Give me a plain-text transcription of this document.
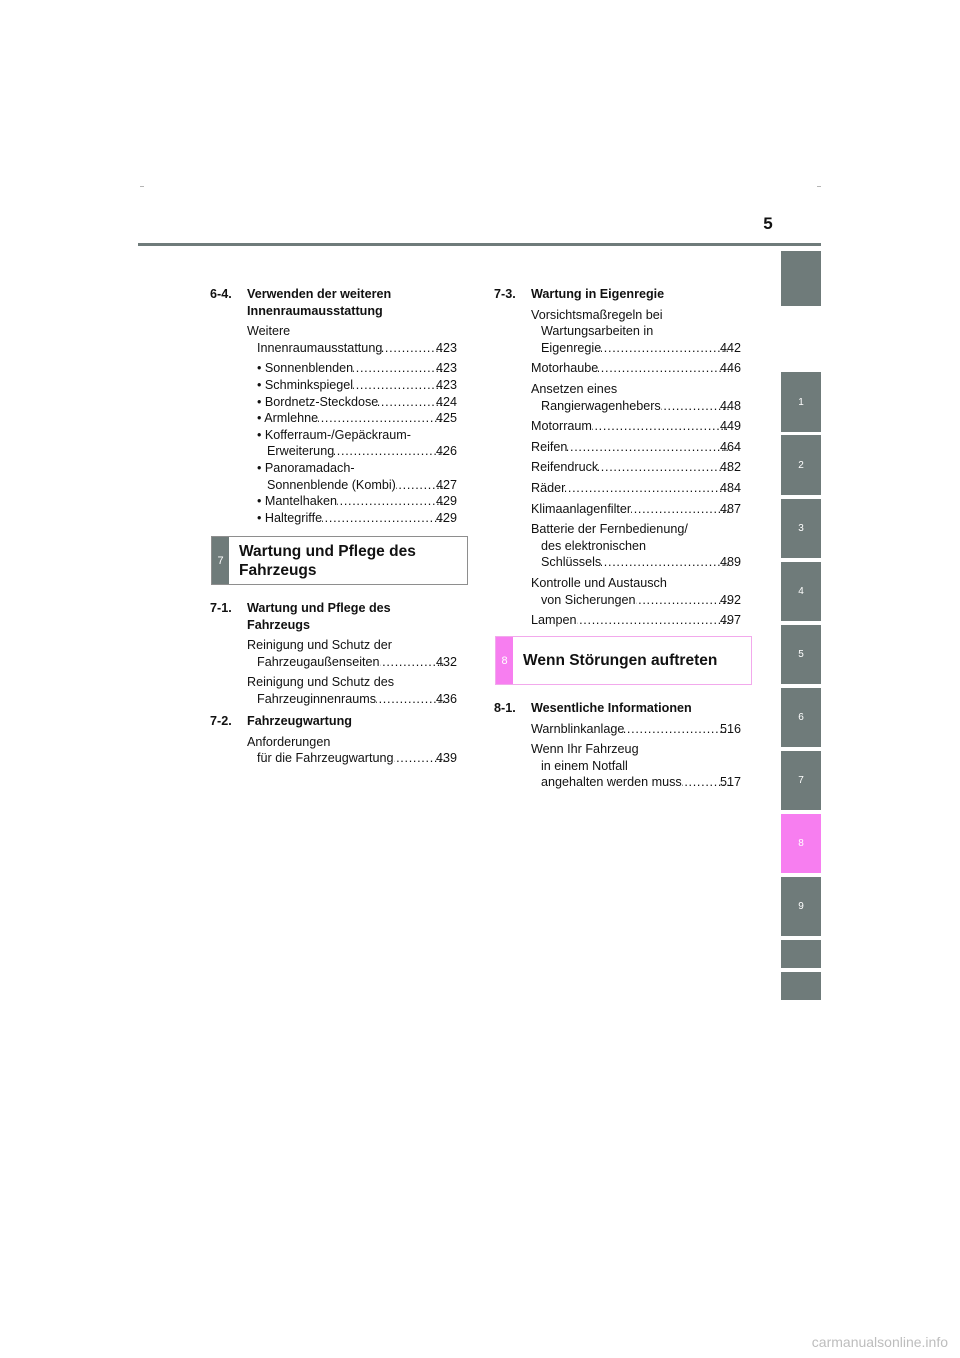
5
1
2
3
4
5
6
7
8
9
6-4.	Verwenden der weiteren Innenraumausstattung
Weitere
Innenraumausstattung . . .	423
• Sonnenblenden . . .	423
• Schminkspiegel . . .	423
• Bordnetz-Steckdose . . .	424
• Armlehne . . .	425
• Kofferraum-/Gepäckraum-
Erweiterung . . .	426
• Panoramadach-
Sonnenblende (Kombi) . . .	427
• Mantelhaken . . .	429
• Haltegriffe . . .	429
7
Wartung und Pflege des Fahrzeugs
7-1.	Wartung und Pflege des Fahrzeugs
Reinigung und Schutz der
Fahrzeugaußenseiten . . .	432
Reinigung und Schutz des
Fahrzeuginnenraums . . .	436
7-2.	Fahrzeugwartung
Anforderungen
für die Fahrzeugwartung . . .	439
7-3.	Wartung in Eigenregie
Vorsichtsmaßregeln bei
Wartungsarbeiten in
Eigenregie . . .	442
Motorhaube . . .	446
Ansetzen eines
Rangierwagenhebers . . .	448
Motorraum . . .	449
Reifen . . .	464
Reifendruck . . .	482
Räder . . .	484
Klimaanlagenfilter . . .	487
Batterie der Fernbedienung/
des elektronischen
Schlüssels . . .	489
Kontrolle und Austausch
von Sicherungen . . .	492
Lampen . . .	497
8 Wenn Störungen auftreten
8-1.	Wesentliche Informationen
Warnblinkanlage . . .	516
Wenn Ihr Fahrzeug
in einem Notfall
angehalten werden muss . . .	517
carmanualsonline.info
